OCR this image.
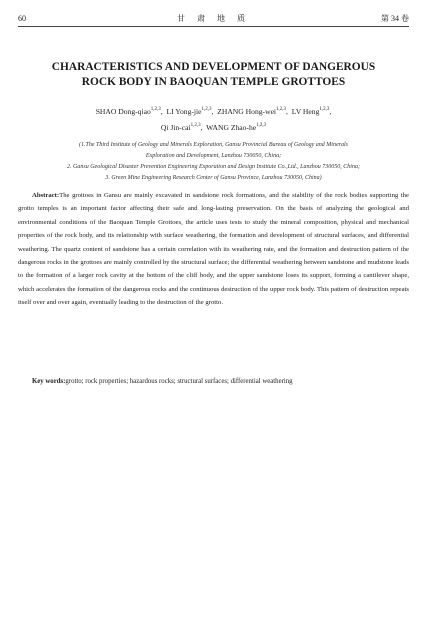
60	甘 肃 地 质	第 34 卷
CHARACTERISTICS AND DEVELOPMENT OF DANGEROUS
ROCK BODY IN BAOQUAN TEMPLE GROTTOES
SHAO Dong-qiao$^{1,2,3}$,  LI Yong-jie$^{1,2,3}$,  ZHANG Hong-wei$^{1,2,3}$,  LV Heng$^{1,2,3}$,
Qi Jin-cai$^{1,2,3}$,  WANG Zhao-he$^{1,2,3}$
(1.The Third Institute of Geology and Minerals Exploration, Gansu Provincial Bureau of Geology and Minerals
Exploration and Development, Lanzhou 730050, China;
2. Gansu Geological Disaster Prevention Engineering Exporation and Design Institute Co.,Ltd., Lanzhou 730050, China;
3. Green Mine Engineering Research Center of Gansu Province, Lanzhou 730050, China)
Abstract:The grottoes in Gansu are mainly excavated in sandstone rock formations, and the stability of the rock bodies supporting the grotto temples is an important factor affecting their safe and long-lasting preservation. On the basis of analyzing the geological and environmental conditions of the Baoquan Temple Grottoes, the article uses tests to study the mineral composition, physical and mechanical properties of the rock body, and its relationship with surface weathering, the formation and development of structural surfaces, and differential weathering. The quartz content of sandstone has a certain correlation with its weathering rate, and the formation and destruction pattern of the dangerous rocks in the grottoes are mainly controlled by the structural surface; the differential weathering between sandstone and mudstone leads to the formation of a larger rock cavity at the bottom of the cliff body, and the upper sandstone loses its support, forming a cantilever shape, which accelerates the formation of the dangerous rocks and the continuous destruction of the upper rock body. This pattern of destruction repeats itself over and over again, eventually leading to the destruction of the grotto.
Key words:grotto; rock properties; hazardous rocks; structural surfaces; differential weathering
